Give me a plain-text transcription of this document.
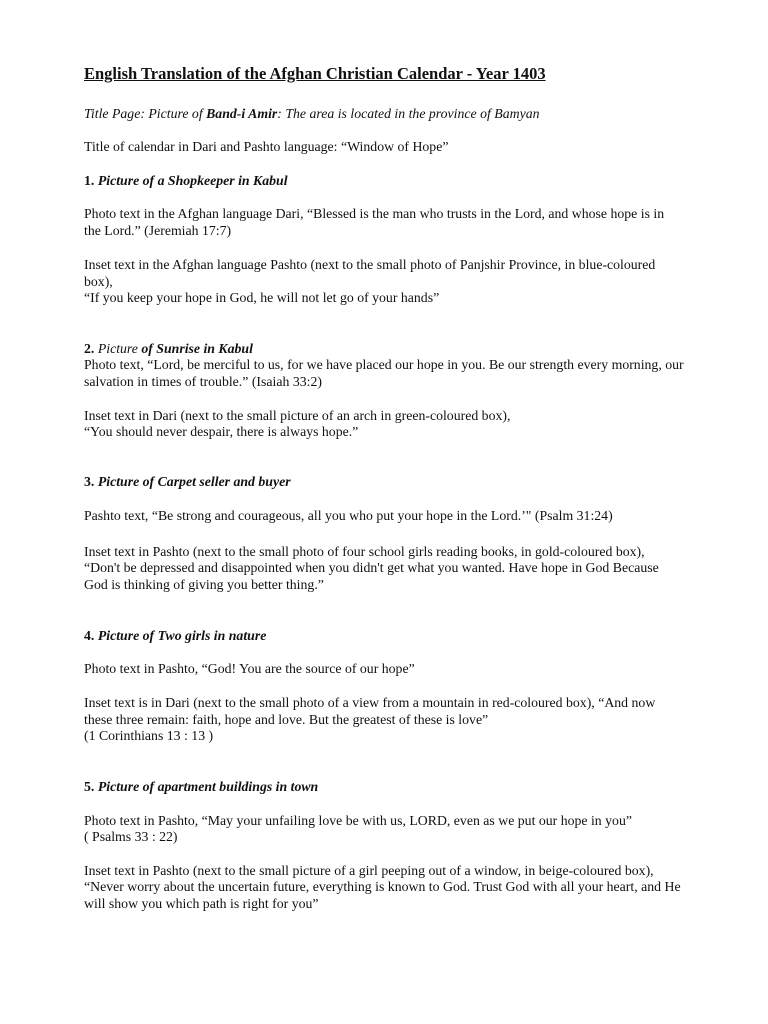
English Translation of the Afghan Christian Calendar - Year 1403
Title Page: Picture of Band-i Amir: The area is located in the province of Bamyan
Title of calendar in Dari and Pashto language: “Window of Hope”
1. Picture of a Shopkeeper in Kabul
Photo text in the Afghan language Dari, “Blessed is the man who trusts in the Lord, and whose hope is in the Lord.” (Jeremiah 17:7)
Inset text in the Afghan language Pashto (next to the small photo of Panjshir Province, in blue-coloured box),
“If you keep your hope in God, he will not let go of your hands”
2. Picture of Sunrise in Kabul
Photo text, “Lord, be merciful to us, for we have placed our hope in you. Be our strength every morning, our salvation in times of trouble.” (Isaiah 33:2)
Inset text in Dari (next to the small picture of an arch in green-coloured box),
“You should never despair, there is always hope.”
3. Picture of Carpet seller and buyer
Pashto text, “Be strong and courageous, all you who put your hope in the Lord.’" (Psalm 31:24)
Inset text in Pashto (next to the small photo of four school girls reading books, in gold-coloured box),
“Don't be depressed and disappointed when you didn't get what you wanted. Have hope in God Because God is thinking of giving you better thing.”
4. Picture of Two girls in nature
Photo text in Pashto, “God! You are the source of our hope”
Inset text is in Dari (next to the small photo of a view from a mountain in red-coloured box), “And now these three remain: faith, hope and love. But the greatest of these is love”
(1 Corinthians 13 : 13 )
5. Picture of apartment buildings in town
Photo text in Pashto, “May your unfailing love be with us, LORD, even as we put our hope in you”
( Psalms 33 : 22)
Inset text in Pashto (next to the small picture of a girl peeping out of a window, in beige-coloured box),
“Never worry about the uncertain future, everything is known to God. Trust God with all your heart, and He will show you which path is right for you”
